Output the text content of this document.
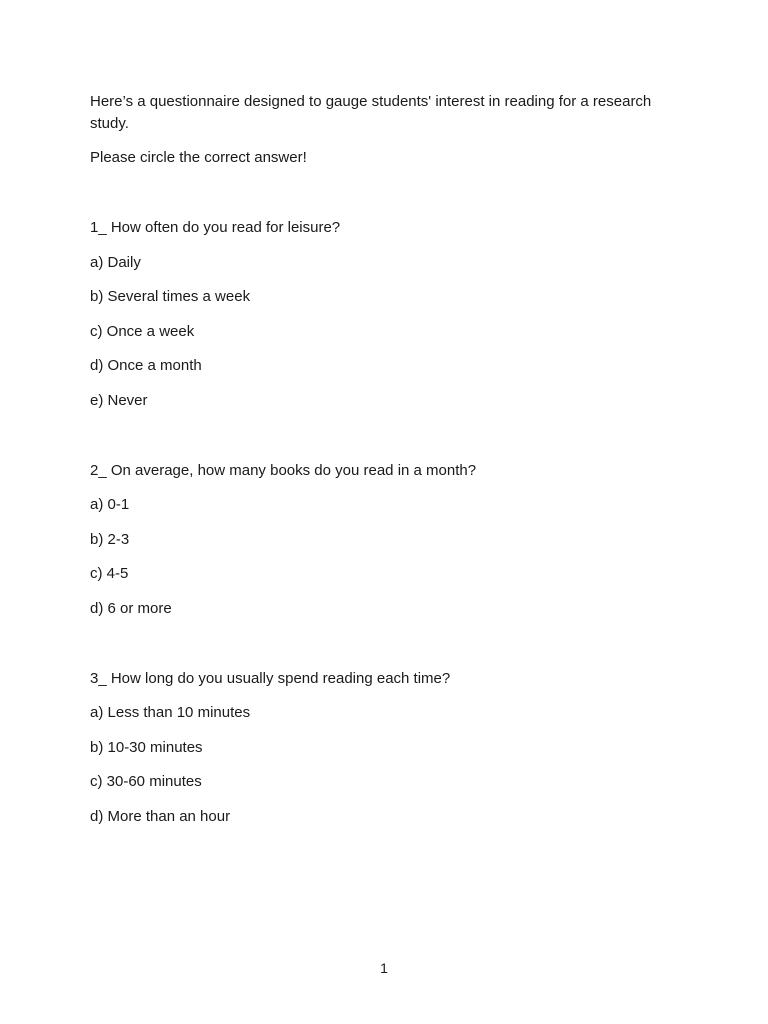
Here’s a questionnaire designed to gauge students' interest in reading for a research study.

Please circle the correct answer!

1_ How often do you read for leisure?

a) Daily

b) Several times a week

c) Once a week

d) Once a month

e) Never

2_ On average, how many books do you read in a month?

a) 0-1

b) 2-3

c) 4-5

d) 6 or more

3_ How long do you usually spend reading each time?

a) Less than 10 minutes

b) 10-30 minutes

c) 30-60 minutes

d) More than an hour

1
